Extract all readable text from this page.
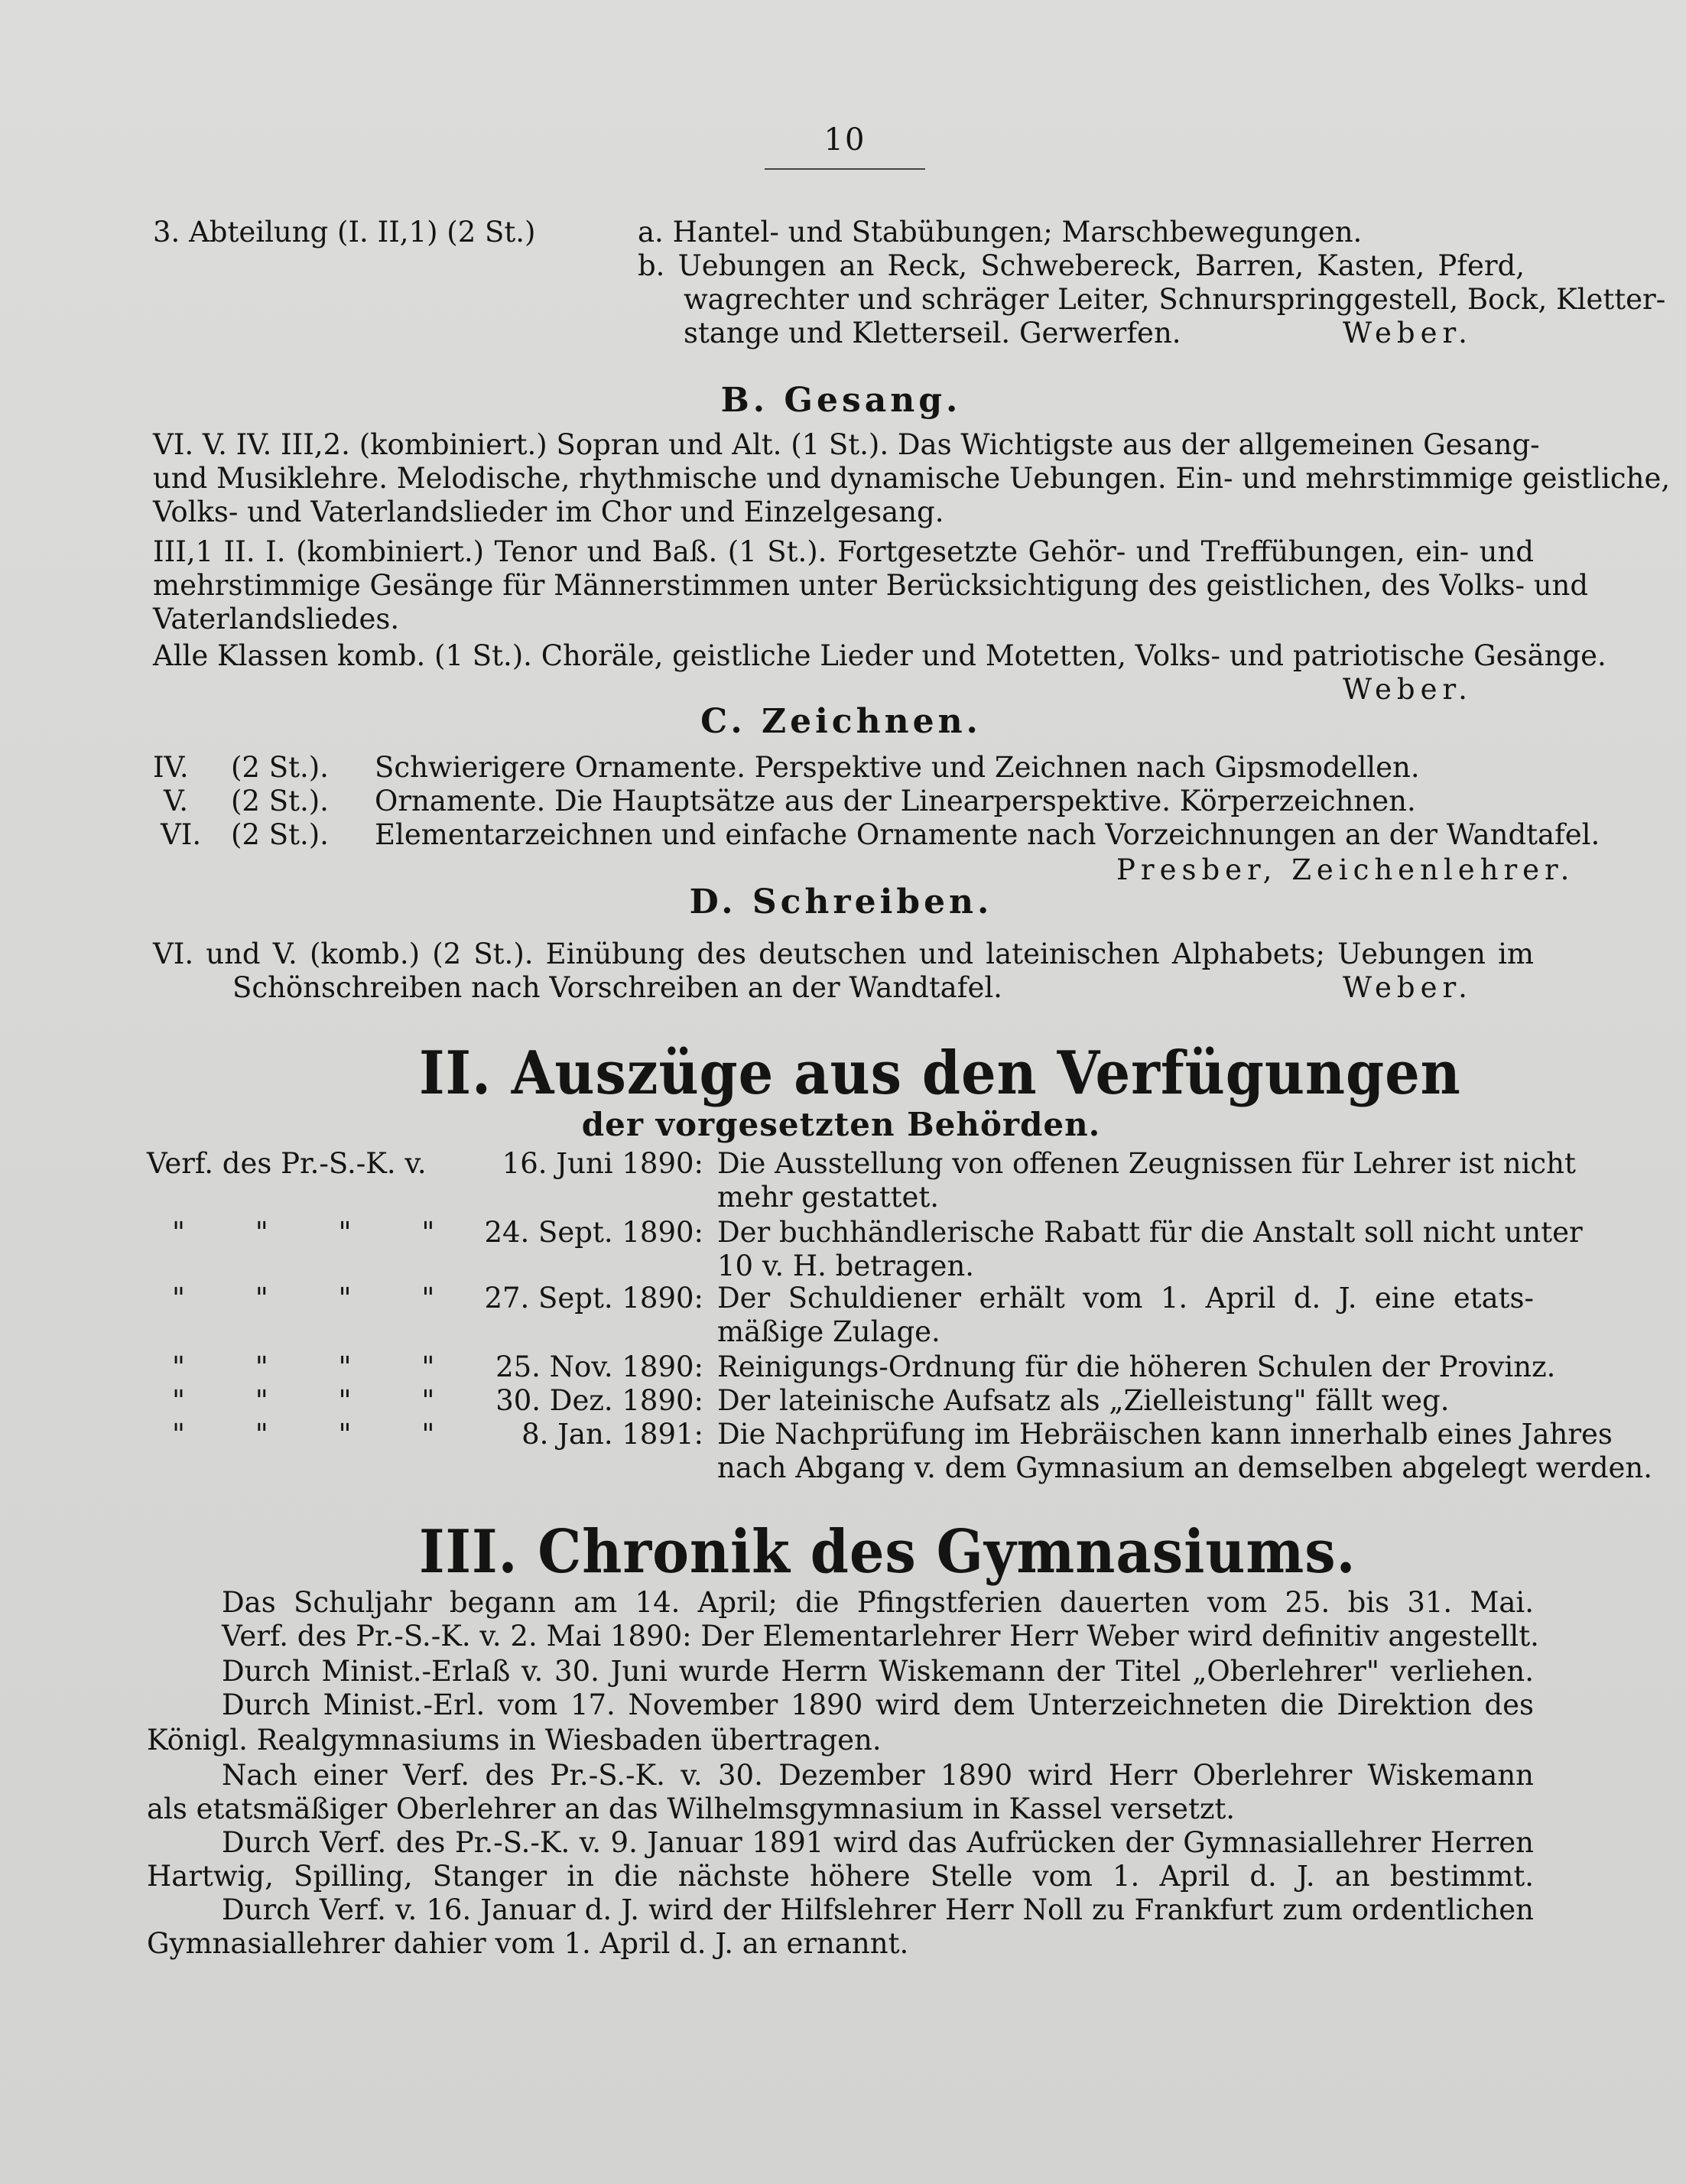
10
3. Abteilung (I. II,1) (2 St.)	a. Hantel- und Stabübungen; Marschbewegungen.
b. Uebungen an Reck, Schwebereck, Barren, Kasten, Pferd,
wagrechter und schräger Leiter, Schnurspringgestell, Bock, Kletter-
stange und Kletterseil. Gerwerfen.	Weber.
B. Gesang.
VI. V. IV. III,2. (kombiniert.) Sopran und Alt. (1 St.). Das Wichtigste aus der allgemeinen Gesang-
und Musiklehre. Melodische, rhythmische und dynamische Uebungen. Ein- und mehrstimmige geistliche,
Volks- und Vaterlandslieder im Chor und Einzelgesang.
III,1 II. I. (kombiniert.) Tenor und Baß. (1 St.). Fortgesetzte Gehör- und Treffübungen, ein- und
mehrstimmige Gesänge für Männerstimmen unter Berücksichtigung des geistlichen, des Volks- und
Vaterlandsliedes.
Alle Klassen komb. (1 St.). Choräle, geistliche Lieder und Motetten, Volks- und patriotische Gesänge.
Weber.
C. Zeichnen.
IV. (2 St.). Schwierigere Ornamente. Perspektive und Zeichnen nach Gipsmodellen.
V. (2 St.). Ornamente. Die Hauptsätze aus der Linearperspektive. Körperzeichnen.
VI. (2 St.). Elementarzeichnen und einfache Ornamente nach Vorzeichnungen an der Wandtafel.
Presber, Zeichenlehrer.
D. Schreiben.
VI. und V. (komb.) (2 St.). Einübung des deutschen und lateinischen Alphabets; Uebungen im
Schönschreiben nach Vorschreiben an der Wandtafel.	Weber.
II. Auszüge aus den Verfügungen
der vorgesetzten Behörden.
Verf. des Pr.-S.-K. v.	16. Juni 1890: Die Ausstellung von offenen Zeugnissen für Lehrer ist nicht
mehr gestattet.
" " " " 24. Sept. 1890: Der buchhändlerische Rabatt für die Anstalt soll nicht unter
10 v. H. betragen.
" " " " 27. Sept. 1890: Der Schuldiener erhält vom 1. April d. J. eine etats-
mäßige Zulage.
" " " "	25. Nov. 1890: Reinigungs-Ordnung für die höheren Schulen der Provinz.
" " " "	30. Dez. 1890: Der lateinische Aufsatz als „Zielleistung" fällt weg.
" " " "	8. Jan. 1891: Die Nachprüfung im Hebräischen kann innerhalb eines Jahres
nach Abgang v. dem Gymnasium an demselben abgelegt werden.
III. Chronik des Gymnasiums.
Das Schuljahr begann am 14. April; die Pfingstferien dauerten vom 25. bis 31. Mai.
Verf. des Pr.-S.-K. v. 2. Mai 1890: Der Elementarlehrer Herr Weber wird definitiv angestellt.
Durch Minist.-Erlaß v. 30. Juni wurde Herrn Wiskemann der Titel „Oberlehrer" verliehen.
Durch Minist.-Erl. vom 17. November 1890 wird dem Unterzeichneten die Direktion des
Königl. Realgymnasiums in Wiesbaden übertragen.
Nach einer Verf. des Pr.-S.-K. v. 30. Dezember 1890 wird Herr Oberlehrer Wiskemann
als etatsmäßiger Oberlehrer an das Wilhelmsgymnasium in Kassel versetzt.
Durch Verf. des Pr.-S.-K. v. 9. Januar 1891 wird das Aufrücken der Gymnasiallehrer Herren
Hartwig, Spilling, Stanger in die nächste höhere Stelle vom 1. April d. J. an bestimmt.
Durch Verf. v. 16. Januar d. J. wird der Hilfslehrer Herr Noll zu Frankfurt zum ordentlichen
Gymnasiallehrer dahier vom 1. April d. J. an ernannt.
